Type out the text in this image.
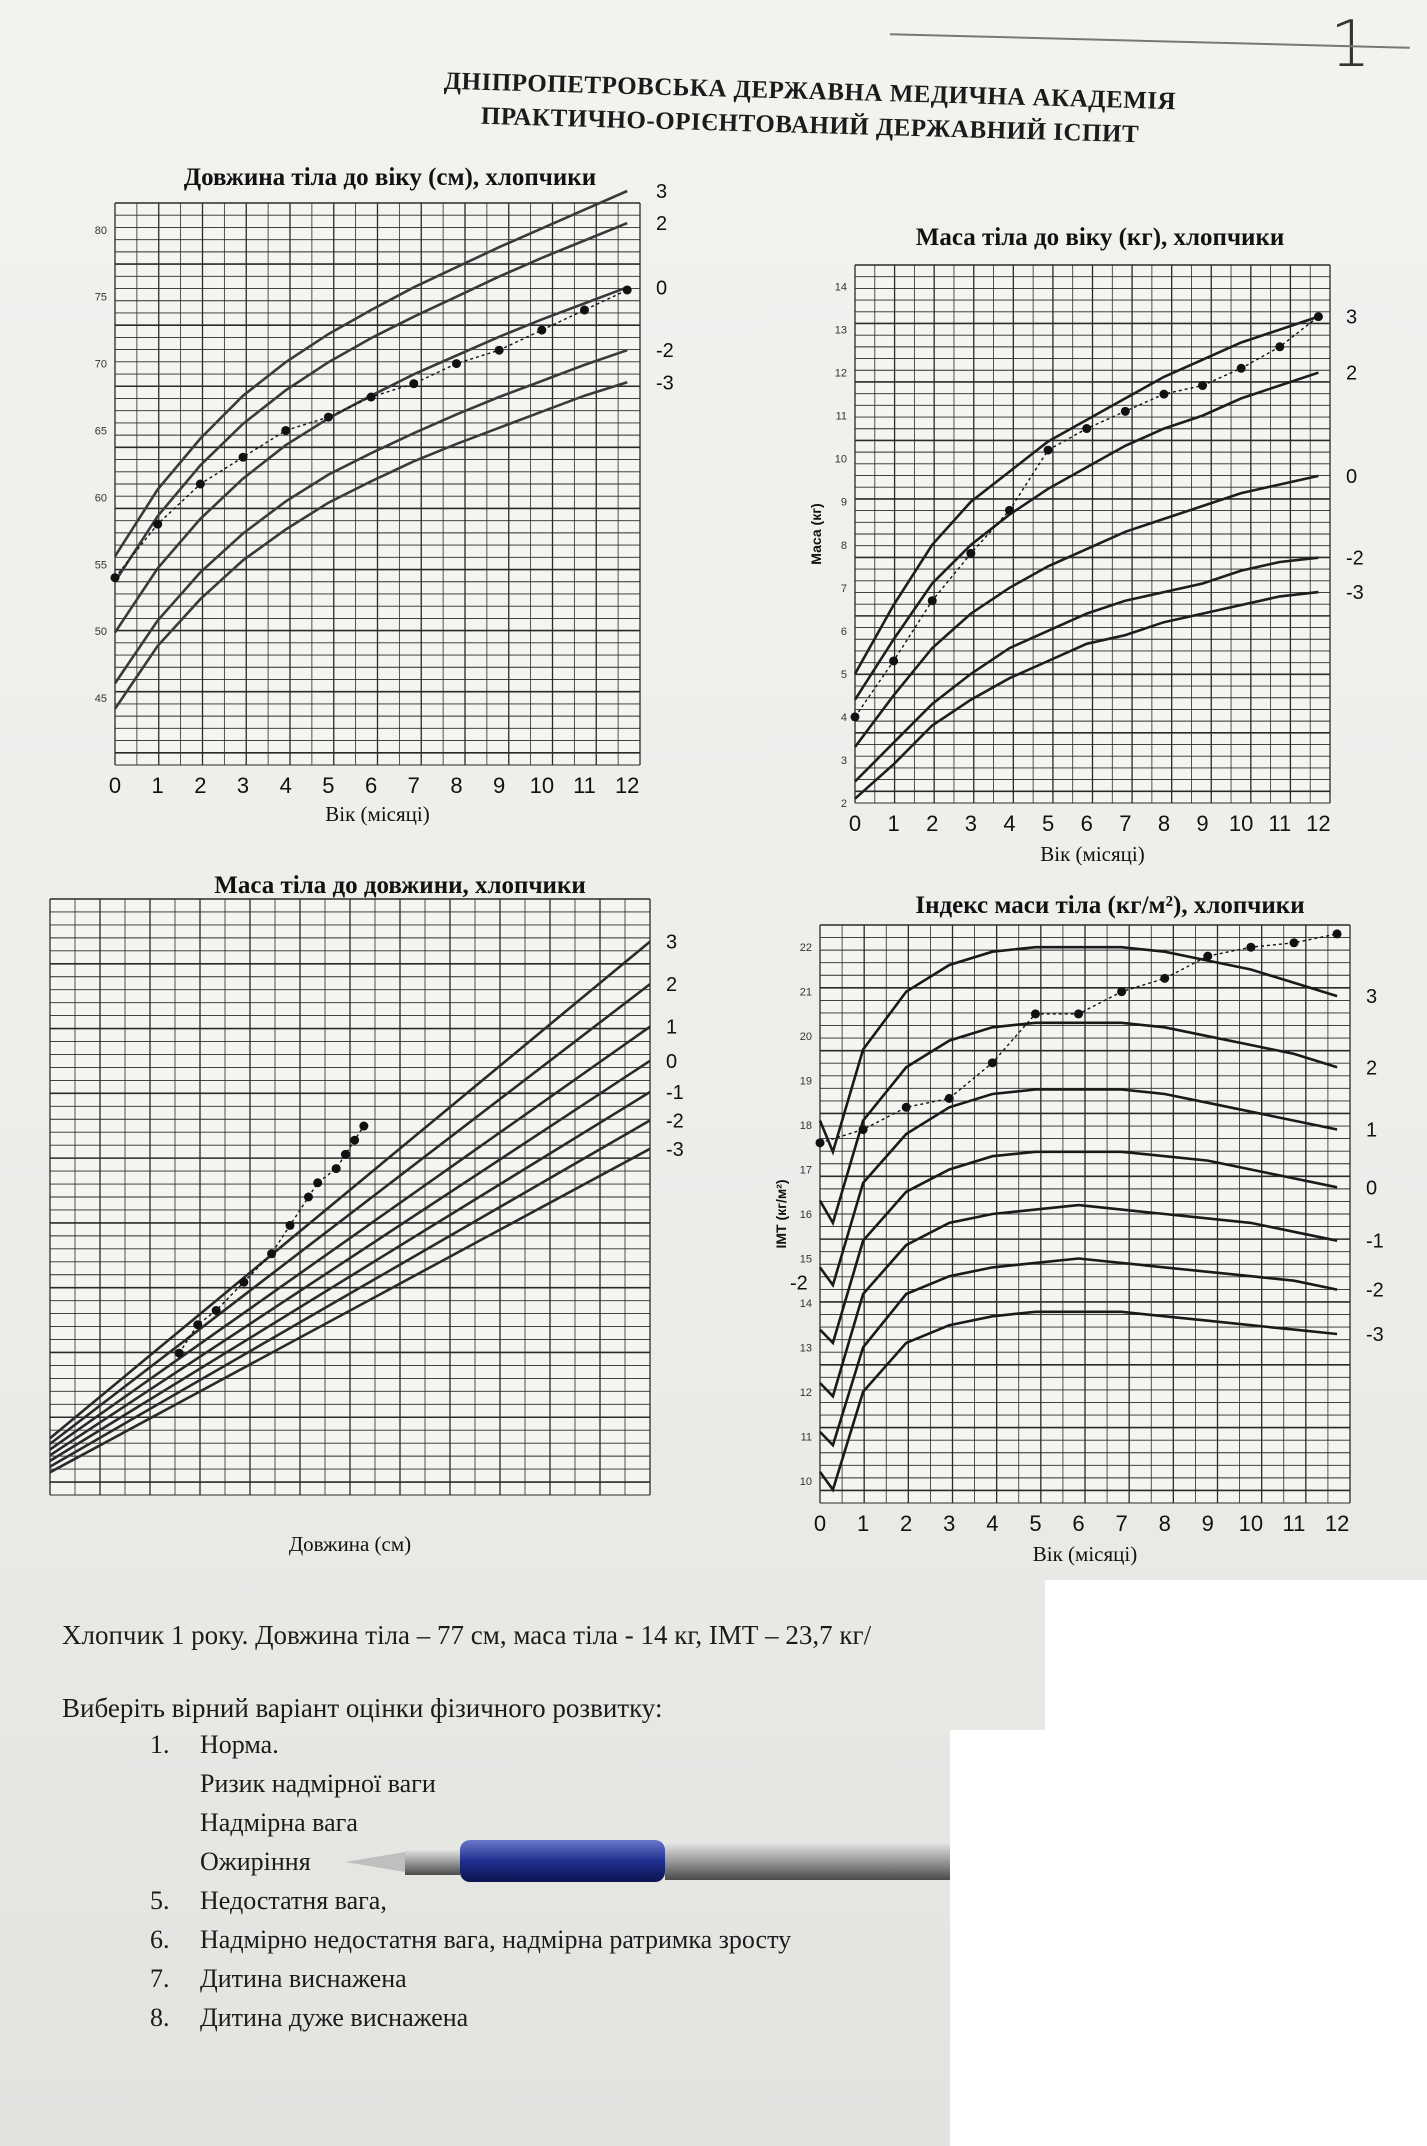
1
ДНІПРОПЕТРОВСЬКА ДЕРЖАВНА МЕДИЧНА АКАДЕМІЯ
ПРАКТИЧНО-ОРІЄНТОВАНИЙ ДЕРЖАВНИЙ ІСПИТ
Довжина тіла до віку (см), хлопчики
0 1 2 3 4 5 6 7 8 9 10 11 12
45
50
55
60
65
70
75
80
Вік (місяці)
3
2
0
-2
-3
Маса тіла до віку (кг), хлопчики
0 1 2 3 4 5 6 7 8 9 10 11 12
2
3
4
5
6
7
8
9
10
11
12
13
14
Вік (місяці)
Маса (кг)
3
2
0
-2
-3
Маса тіла до довжини, хлопчики
Довжина (см)
3
2
1
0
-1
-2
-3
Індекс маси тіла (кг/м²), хлопчики
0 1 2 3 4 5 6 7 8 9 10 11 12
10
11
12
13
14
15
16
17
18
19
20
21
22
Вік (місяці)
ІМТ (кг/м²)
-2
3
2
1
0
-1
-2
-3
Хлопчик 1 року. Довжина тіла – 77 см, маса тіла - 14 кг, ІМТ – 23,7 кг/
Виберіть вірний варіант оцінки фізичного розвитку:
1. Норма.
Ризик надмірної ваги
Надмірна вага
Ожиріння
5. Недостатня вага,
6. Надмірно недостатня вага, надмірна ратримка зросту
7. Дитина виснажена
8. Дитина дуже виснажена
